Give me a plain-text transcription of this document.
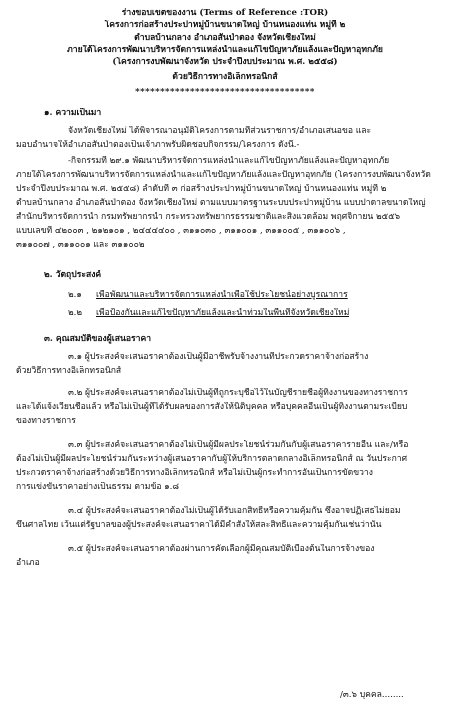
ร่างขอบเขตของงาน (Terms of Reference :TOR)
โครงการก่อสร้างประปาหมู่บ้านขนาดใหญ่ บ้านหนองแท่น หมู่ที่ ๒
ตำบลบ้านกลาง อำเภอสันป่าตอง จังหวัดเชียงใหม่
ภายใต้โครงการพัฒนาบริหารจัดการแหล่งน้ำและแก้ไขปัญหาภัยแล้งและปัญหาอุทกภัย
(โครงการงบพัฒนาจังหวัด ประจำปีงบประมาณ พ.ศ. ๒๕๕๘)
ด้วยวิธีการทางอิเล็กทรอนิกส์
************************************
๑. ความเป็นมา
จังหวัดเชียงใหม่ ได้พิจารณาอนุมัติโครงการตามที่ส่วนราชการ/อำเภอเสนอขอ และ
มอบอำนาจให้อำเภอสันป่าตองเป็นเจ้าภาพรับผิดชอบกิจกรรม/โครงการ ดังนี้.-
-กิจกรรมที่ ๒๙.๑ พัฒนาบริหารจัดการแหล่งน้ำและแก้ไขปัญหาภัยแล้งและปัญหาอุทกภัย
ภายใต้โครงการพัฒนาบริหารจัดการแหล่งน้ำและแก้ไขปัญหาภัยแล้งและปัญหาอุทกภัย (โครงการงบพัฒนาจังหวัด
ประจำปีงบประมาณ พ.ศ. ๒๕๕๘) ลำดับที่ ๓ ก่อสร้างประปาหมู่บ้านขนาดใหญ่ บ้านหนองแท่น หมู่ที่ ๒
ตำบลบ้านกลาง อำเภอสันป่าตอง จังหวัดเชียงใหม่ ตามแบบมาตรฐานระบบประปาหมู่บ้าน แบบปาดาลขนาดใหญ่
สำนักบริหารจัดการน้ำ กรมทรัพยากรน้ำ กระทรวงทรัพยากรธรรมชาติและสิ่งแวดล้อม พฤศจิกายน ๒๕๕๖
แบบเลขที่ ๔๒๐๐๓ , ๒๑๒๑๐๑ , ๒๔๔๔๔๐๐ , ๓๑๑๐๓๐ , ๓๑๑๐๐๑ , ๓๑๑๐๐๕ , ๓๑๑๐๐๖ ,
๓๑๑๐๐๗ , ๓๑๑๐๐๑ และ ๓๑๑๐๐๒
๒. วัตถุประสงค์
๒.๑ เพื่อพัฒนาและบริหารจัดการแหล่งน้ำเพื่อใช้ประโยชน์อย่างบูรณาการ
๒.๒ เพื่อป้องกันและแก้ไขปัญหาภัยแล้งและน้ำท่วมในพื้นที่จังหวัดเชียงใหม่
๓. คุณสมบัติของผู้เสนอราคา
๓.๑ ผู้ประสงค์จะเสนอราคาต้องเป็นผู้มีอาชีพรับจ้างงานที่ประกวดราคาจ้างก่อสร้าง
ด้วยวิธีการทางอิเล็กทรอนิกส์
๓.๒ ผู้ประสงค์จะเสนอราคาต้องไม่เป็นผู้ที่ถูกระบุชื่อไว้ในบัญชีรายชื่อผู้ทิ้งงานของทางราชการ
และได้แจ้งเวียนชื่อแล้ว หรือไม่เป็นผู้ที่ได้รับผลของการสั่งให้นิติบุคคล หรือบุคคลอื่นเป็นผู้ทิ้งงานตามระเบียบ
ของทางราชการ
๓.๓ ผู้ประสงค์จะเสนอราคาต้องไม่เป็นผู้มีผลประโยชน์ร่วมกันกับผู้เสนอราคารายอื่น และ/หรือ
ต้องไม่เป็นผู้มีผลประโยชน์ร่วมกันระหว่างผู้เสนอราคากับผู้ให้บริการตลาดกลางอิเล็กทรอนิกส์ ณ วันประกาศ
ประกวดราคาจ้างก่อสร้างด้วยวิธีการทางอิเล็กทรอนิกส์ หรือไม่เป็นผู้กระทำการอันเป็นการขัดขวาง
การแข่งขันราคาอย่างเป็นธรรม ตามข้อ ๑.๘
๓.๔ ผู้ประสงค์จะเสนอราคาต้องไม่เป็นผู้ได้รับเอกสิทธิ์หรือความคุ้มกัน ซึ่งอาจปฏิเสธไม่ยอม
ขึ้นศาลไทย เว้นแต่รัฐบาลของผู้ประสงค์จะเสนอราคาได้มีคำสั่งให้สละสิทธิ์และความคุ้มกันเช่นว่านั้น
๓.๕ ผู้ประสงค์จะเสนอราคาต้องผ่านการคัดเลือกผู้มีคุณสมบัติเบื้องต้นในการจ้างของ
อำเภอ
/๓.๖ บุคคล........
